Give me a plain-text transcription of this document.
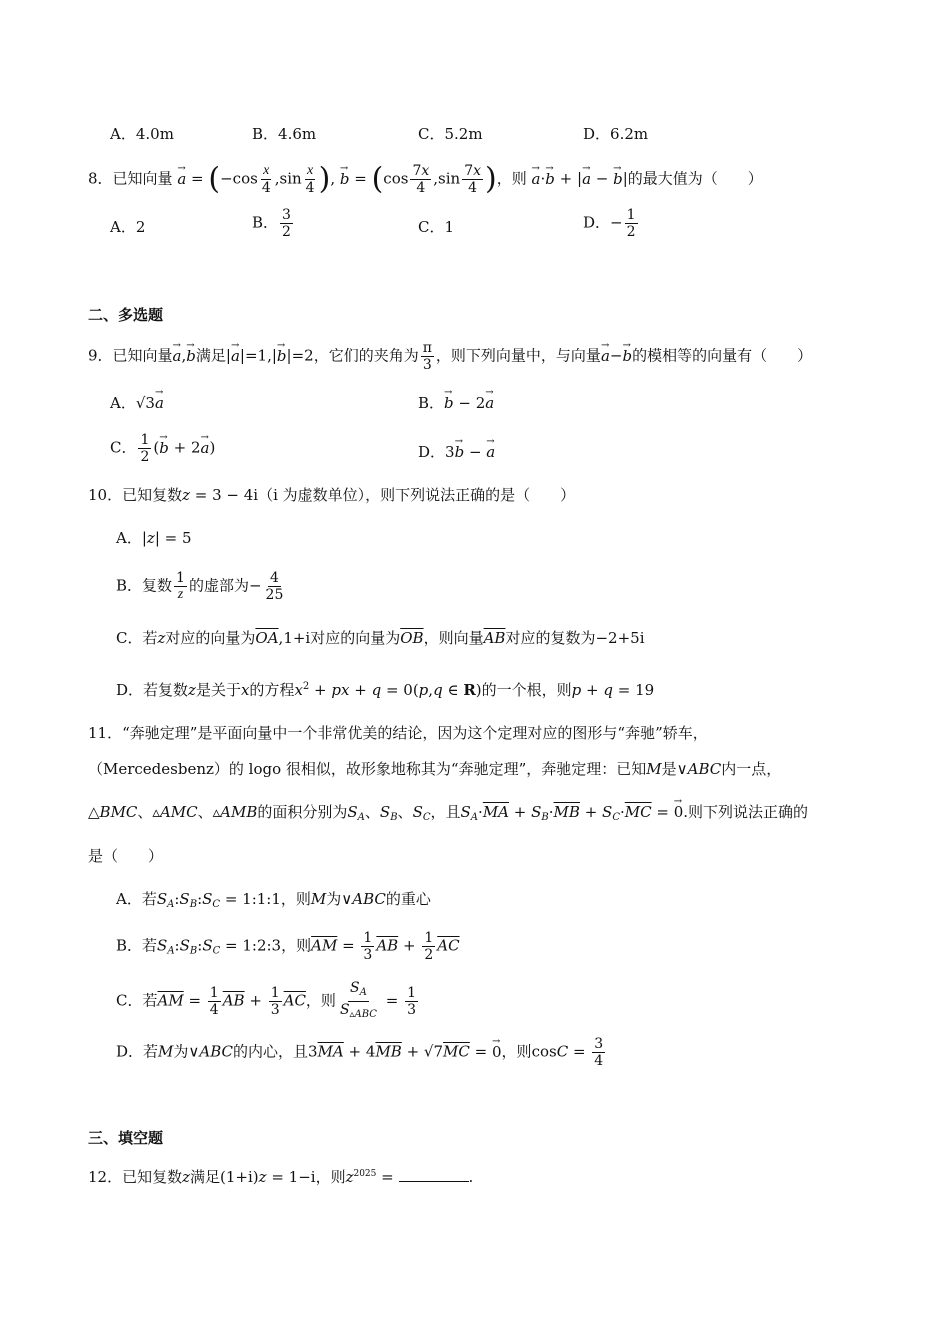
A．4.0m	B．4.6m	C．5.2m	D．6.2m
8．已知向量 → $a = (-\cos \frac{x}{4} ,\sin \frac{x}{4}$ ), → $b = (\cos \frac{7x}{4} ,\sin \frac{7x}{4}$ )，则 → a·→ b + |→ a − → b|的最大值为（　　）
A．2	B． $\frac{3}{2}$	C．1	D．− $\frac{1}{2}$
二、多选题
9．已知向量→ a,→ b满足|→ a|=1,|→ b|=2，它们的夹角为 $\frac{\pi}{3}$ ，则下列向量中，与向量→ a−→ b的模相等的向量有（　　）
A．√3→ a	B．→ b − 2→ a
C． $\frac{1}{2}$ (→ b + 2→ a)	D．3→ b − → a
10．已知复数z = 3 − 4i（i 为虚数单位），则下列说法正确的是（　　）
A．|z| = 5
B．复数 $\frac{1}{z}$ 的虚部为− $\frac{4}{25}$
C．若z对应的向量为$\overline{OA},1+i$对应的向量为$\overline{OB}$，则向量$\overline{AB}$对应的复数为−2+5i
D．若复数z是关于x的方程$x^2$ + px + q = 0(p,q ∈ R)的一个根，则p + q = 19
11．“奔驰定理”是平面向量中一个非常优美的结论，因为这个定理对应的图形与“奔驰”轿车，
（Mercedesbenz）的 logo 很相似，故形象地称其为“奔驰定理”，奔驰定理：已知M是∨ABC内一点，
△BMC、▵AMC、▵AMB的面积分别为$S_A$、$S_B$、$S_C$，且$S_A\cdot\overline{MA} + S_B\cdot\overline{MB} + S_C\cdot\overline{MC}$ = → 0.则下列说法正确的
是（　　）
A．若$S_A:S_B:S_C$ = 1:1:1，则M为∨ABC的重心
B．若$S_A:S_B:S_C$ = 1:2:3，则$\overline{AM} = \frac{1}{3} \overline{AB} + \frac{1}{2} \overline{AC}$
C．若$\overline{AM} = \frac{1}{4} \overline{AB} + \frac{1}{3} \overline{AC}$，则 $\frac{S_A}{S_{▵ABC}} = \frac{1}{3}$
D．若M为∨ABC的内心，且$3\overline{MA} + 4\overline{MB} + √7\overline{MC}$ = → 0，则$\cos C = \frac{3}{4}$
三、填空题
12．已知复数z满足(1+i)z = 1−i，则$z^{2025}$ =	.
